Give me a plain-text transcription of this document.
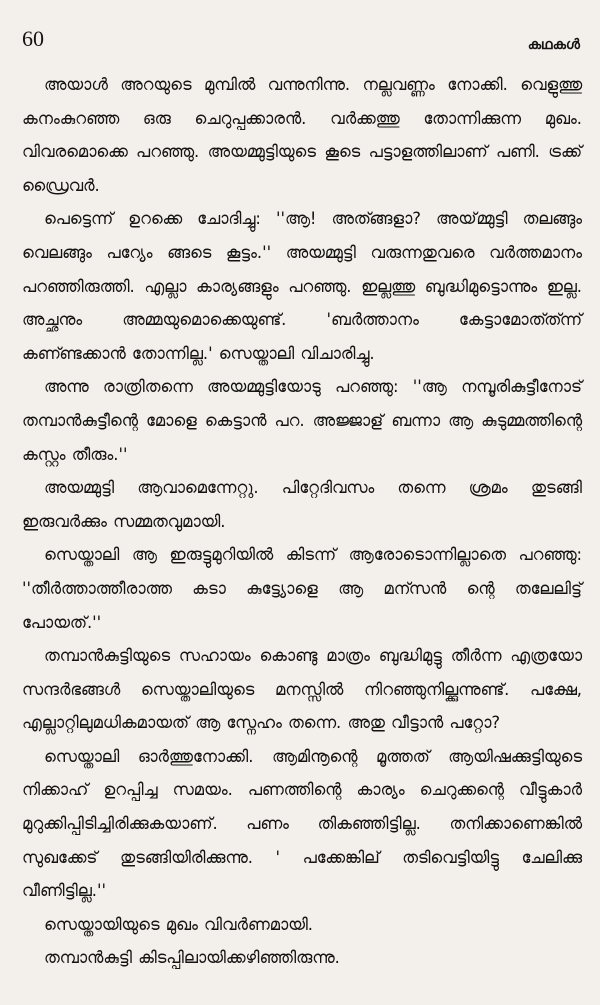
60	കഥകൾ

അയാൾ അറയുടെ മുമ്പിൽ വന്നുനിന്നു. നല്ലവണ്ണം നോക്കി. വെളുത്തു കനംകുറഞ്ഞ ഒരു ചെറുപ്പക്കാരൻ. വർക്കത്തു തോന്നിക്കുന്ന മുഖം. വിവരമൊക്കെ പറഞ്ഞു. അയമ്മുട്ടിയുടെ കൂടെ പട്ടാളത്തിലാണ് പണി. ട്രക്ക് ഡ്രൈവർ.

പെട്ടെന്ന് ഉറക്കെ ചോദിച്ചു: ''ആ! അത്ങ്ങളാ? അയ്മ്മുട്ടി തലങ്ങും വെലങ്ങും പറ്യേം ങ്ങടെ കൂട്ടം.'' അയമ്മുട്ടി വരുന്നതുവരെ വർത്തമാനം പറഞ്ഞിരുത്തി. എല്ലാ കാര്യങ്ങളും പറഞ്ഞു. ഇല്ലത്തു ബുദ്ധിമുട്ടൊന്നും ഇല്ല. അച്ഛനും അമ്മയുമൊക്കെയുണ്ട്. 'ബർത്താനം കേട്ടാമോത്ത്ന്ന് കണ്ണ്ടക്കാൻ തോന്നില്ല.' സെയ്താലി വിചാരിച്ചു.

അന്നു രാത്രിതന്നെ അയമ്മുട്ടിയോടു പറഞ്ഞു: ''ആ നമ്പൂരികുട്ടീനോട് തമ്പാൻകുട്ടീന്റെ മോളെ കെട്ടാൻ പറ. അജ്ജാള് ബന്നാ ആ കുടുമ്മത്തിന്റെ കസ്റ്റം തീരും.''

അയമ്മുട്ടി ആവാമെന്നേറ്റു. പിറ്റേദിവസം തന്നെ ശ്രമം തുടങ്ങി ഇരുവർക്കും സമ്മതവുമായി.

സെയ്താലി ആ ഇരുട്ടുമുറിയിൽ കിടന്ന് ആരോടൊന്നില്ലാതെ പറഞ്ഞു: ''തീർത്താത്തീരാത്ത കടാ കുട്ട്യോളെ ആ മന്സൻ ന്റെ തലേലിട്ട് പോയത്.''

തമ്പാൻകുട്ടിയുടെ സഹായം കൊണ്ടു മാത്രം ബുദ്ധിമുട്ടു തീർന്ന എത്രയോ സന്ദർഭങ്ങൾ സെയ്താലിയുടെ മനസ്സിൽ നിറഞ്ഞുനില്ക്കുന്നുണ്ട്. പക്ഷേ, എല്ലാറ്റിലുമധികമായത് ആ സ്നേഹം തന്നെ. അതു വീട്ടാൻ പറ്റോ?

സെയ്താലി ഓർത്തുനോക്കി. ആമിനൂന്റെ മൂത്തത് ആയിഷക്കുട്ടിയുടെ നിക്കാഹ് ഉറപ്പിച്ച സമയം. പണത്തിന്റെ കാര്യം ചെറുക്കന്റെ വീട്ടുകാർ മുറുക്കിപ്പിടിച്ചിരിക്കുകയാണ്. പണം തികഞ്ഞിട്ടില്ല. തനിക്കാണെങ്കിൽ സുഖക്കേട് തുടങ്ങിയിരിക്കുന്നു. ' പക്കേങ്കില് തടിവെട്ടിയിട്ടു ചേലിക്കു വീണിട്ടില്ല.''

സെയ്തായിയുടെ മുഖം വിവർണമായി.

തമ്പാൻകുട്ടി കിടപ്പിലായിക്കഴിഞ്ഞിരുന്നു.
